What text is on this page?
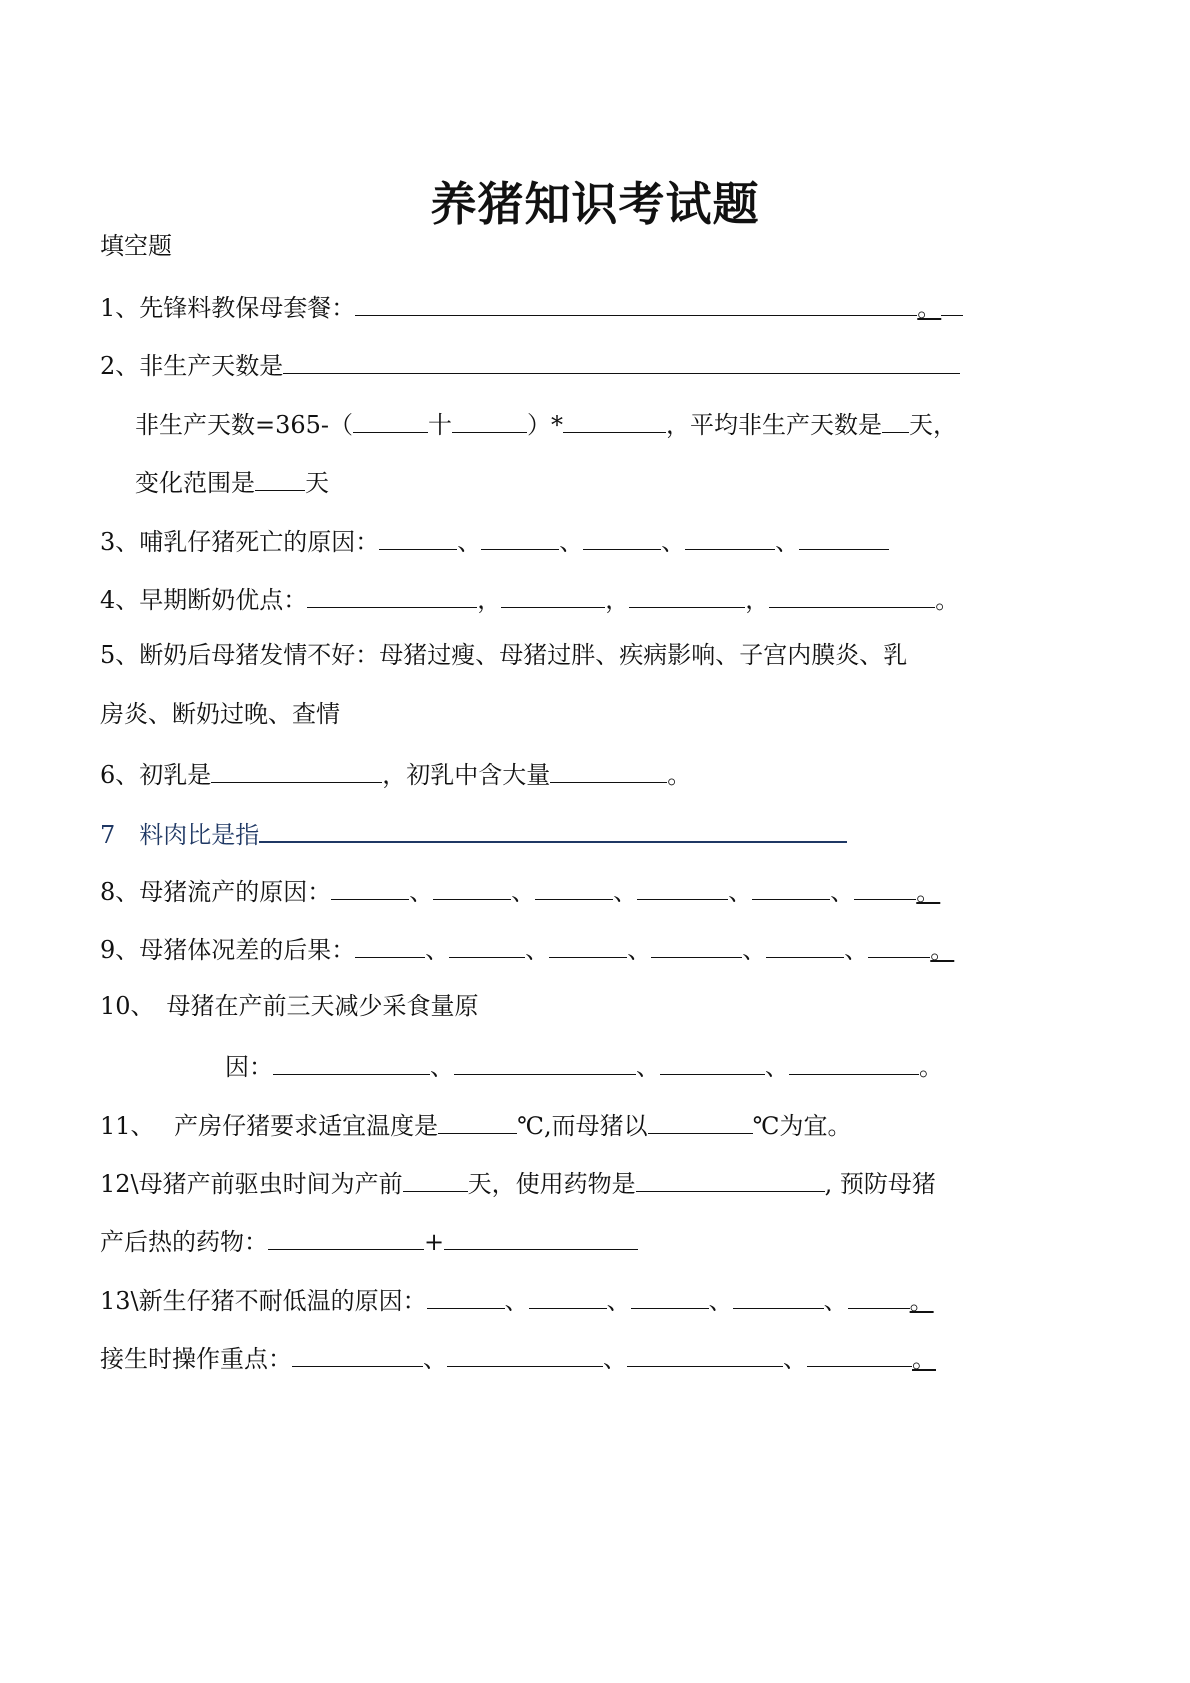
养猪知识考试题
填空题
1、先锋料教保母套餐：	。
2、非生产天数是
非生产天数=365-（	十	）*	，平均非生产天数是 天，
变化范围是 天
3、哺乳仔猪死亡的原因：	、	、	、	、
4、早期断奶优点：	，	，	，	。
5、断奶后母猪发情不好：母猪过瘦、母猪过胖、疾病影响、子宫内膜炎、乳
房炎、断奶过晚、查情
6、初乳是	，初乳中含大量	。
7　料肉比是指
8、母猪流产的原因：	、	、	、	、	、	。
9、母猪体况差的后果：	、	、	、	、	、	。
10、　母猪在产前三天减少采食量原
因：	、	、	、	。
11、　 产房仔猪要求适宜温度是	℃,而母猪以	℃为宜。
12\母猪产前驱虫时间为产前	天，使用药物是	, 预防母猪
产后热的药物：	+
13\新生仔猪不耐低温的原因：	、	、	、	、	。
接生时操作重点：	、	、	、	。
